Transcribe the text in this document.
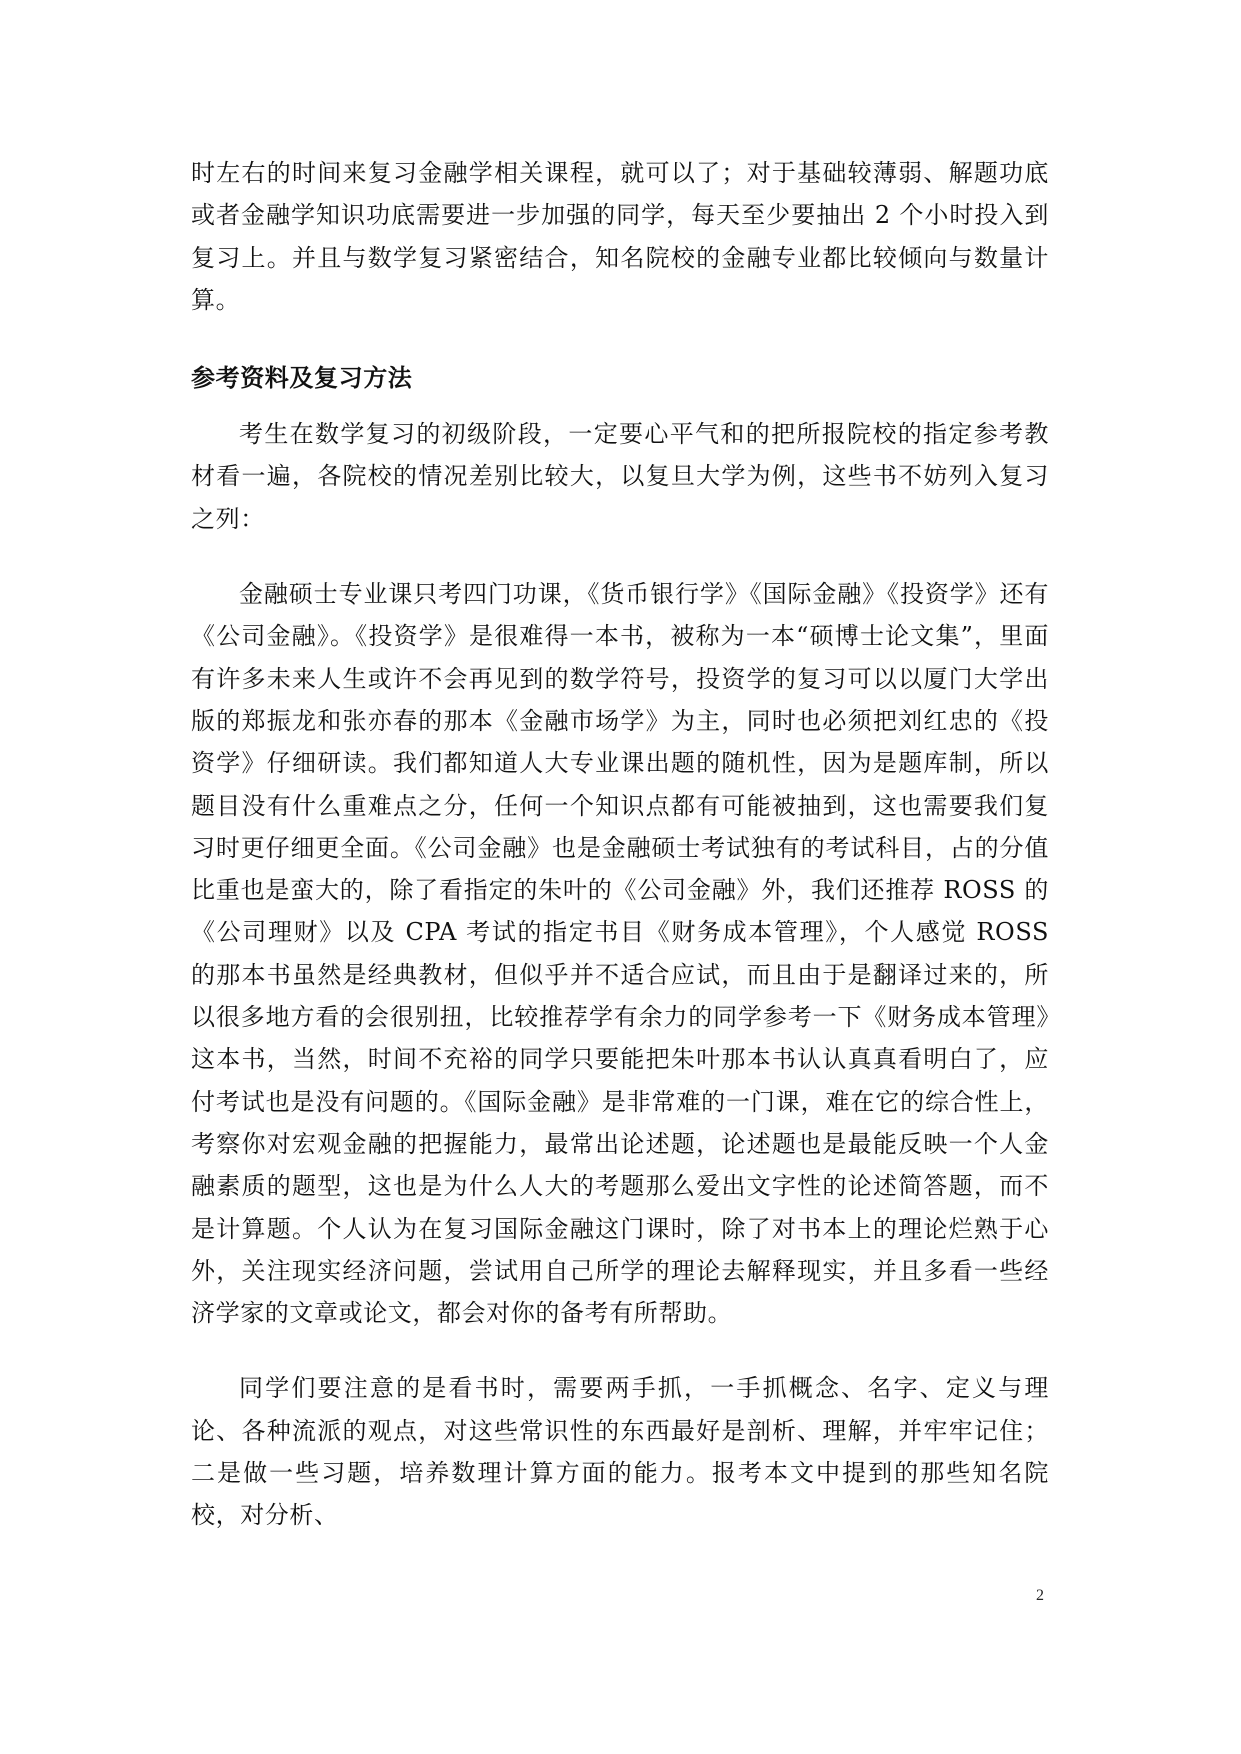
时左右的时间来复习金融学相关课程，就可以了；对于基础较薄弱、解题功底或者金融学知识功底需要进一步加强的同学，每天至少要抽出 2 个小时投入到复习上。并且与数学复习紧密结合，知名院校的金融专业都比较倾向与数量计算。

参考资料及复习方法

考生在数学复习的初级阶段，一定要心平气和的把所报院校的指定参考教材看一遍，各院校的情况差别比较大，以复旦大学为例，这些书不妨列入复习之列：

金融硕士专业课只考四门功课，《货币银行学》《国际金融》《投资学》还有《公司金融》。《投资学》是很难得一本书，被称为一本“硕博士论文集”，里面有许多未来人生或许不会再见到的数学符号，投资学的复习可以以厦门大学出版的郑振龙和张亦春的那本《金融市场学》为主，同时也必须把刘红忠的《投资学》仔细研读。我们都知道人大专业课出题的随机性，因为是题库制，所以题目没有什么重难点之分，任何一个知识点都有可能被抽到，这也需要我们复习时更仔细更全面。《公司金融》也是金融硕士考试独有的考试科目，占的分值比重也是蛮大的，除了看指定的朱叶的《公司金融》外，我们还推荐 ROSS 的《公司理财》以及 CPA 考试的指定书目《财务成本管理》，个人感觉 ROSS 的那本书虽然是经典教材，但似乎并不适合应试，而且由于是翻译过来的，所以很多地方看的会很别扭，比较推荐学有余力的同学参考一下《财务成本管理》这本书，当然，时间不充裕的同学只要能把朱叶那本书认认真真看明白了，应付考试也是没有问题的。《国际金融》是非常难的一门课，难在它的综合性上，考察你对宏观金融的把握能力，最常出论述题，论述题也是最能反映一个人金融素质的题型，这也是为什么人大的考题那么爱出文字性的论述简答题，而不是计算题。个人认为在复习国际金融这门课时，除了对书本上的理论烂熟于心外，关注现实经济问题，尝试用自己所学的理论去解释现实，并且多看一些经济学家的文章或论文，都会对你的备考有所帮助。

同学们要注意的是看书时，需要两手抓，一手抓概念、名字、定义与理论、各种流派的观点，对这些常识性的东西最好是剖析、理解，并牢牢记住；二是做一些习题，培养数理计算方面的能力。报考本文中提到的那些知名院校，对分析、

2
